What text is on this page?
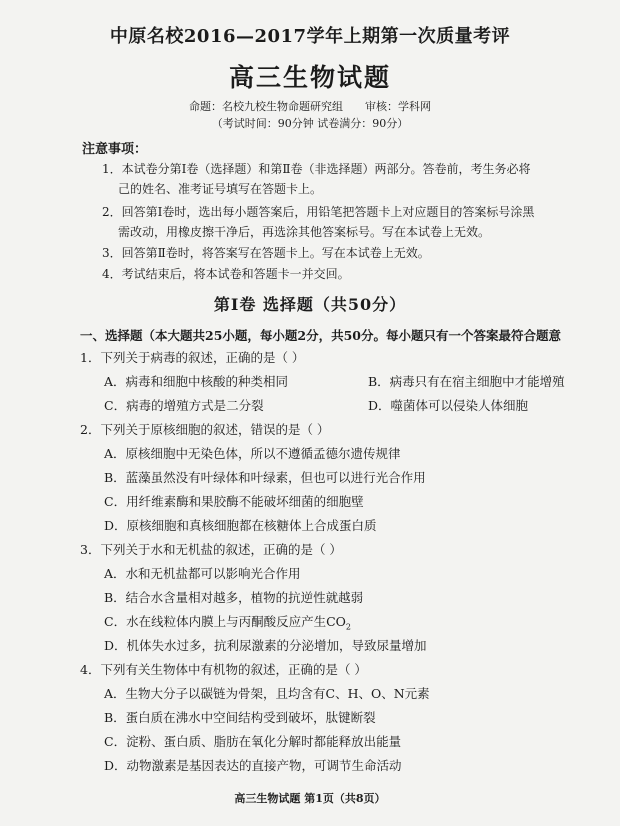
中原名校2016—2017学年上期第一次质量考评
高三生物试题
命题：名校九校生物命题研究组 审核：学科网
（考试时间：90分钟 试卷满分：90分）
注意事项：
1．本试卷分第Ⅰ卷（选择题）和第Ⅱ卷（非选择题）两部分。答卷前，考生务必将
己的姓名、准考证号填写在答题卡上。
2．回答第Ⅰ卷时，选出每小题答案后，用铅笔把答题卡上对应题目的答案标号涂黑
需改动，用橡皮擦干净后，再选涂其他答案标号。写在本试卷上无效。
3．回答第Ⅱ卷时，将答案写在答题卡上。写在本试卷上无效。
4．考试结束后，将本试卷和答题卡一并交回。
第Ⅰ卷 选择题（共50分）
一、选择题（本大题共25小题，每小题2分，共50分。每小题只有一个答案最符合题意
1．下列关于病毒的叙述，正确的是（ ）
A．病毒和细胞中核酸的种类相同	B．病毒只有在宿主细胞中才能增殖
C．病毒的增殖方式是二分裂	D．噬菌体可以侵染人体细胞
2．下列关于原核细胞的叙述，错误的是（ ）
A．原核细胞中无染色体，所以不遵循孟德尔遗传规律
B．蓝藻虽然没有叶绿体和叶绿素，但也可以进行光合作用
C．用纤维素酶和果胶酶不能破坏细菌的细胞壁
D．原核细胞和真核细胞都在核糖体上合成蛋白质
3．下列关于水和无机盐的叙述，正确的是（ ）
A．水和无机盐都可以影响光合作用
B．结合水含量相对越多，植物的抗逆性就越弱
C．水在线粒体内膜上与丙酮酸反应产生$CO_2$
D．机体失水过多，抗利尿激素的分泌增加，导致尿量增加
4．下列有关生物体中有机物的叙述，正确的是（ ）
A．生物大分子以碳链为骨架，且均含有C、H、O、N元素
B．蛋白质在沸水中空间结构受到破坏，肽键断裂
C．淀粉、蛋白质、脂肪在氧化分解时都能释放出能量
D．动物激素是基因表达的直接产物，可调节生命活动
高三生物试题 第1页（共8页）
